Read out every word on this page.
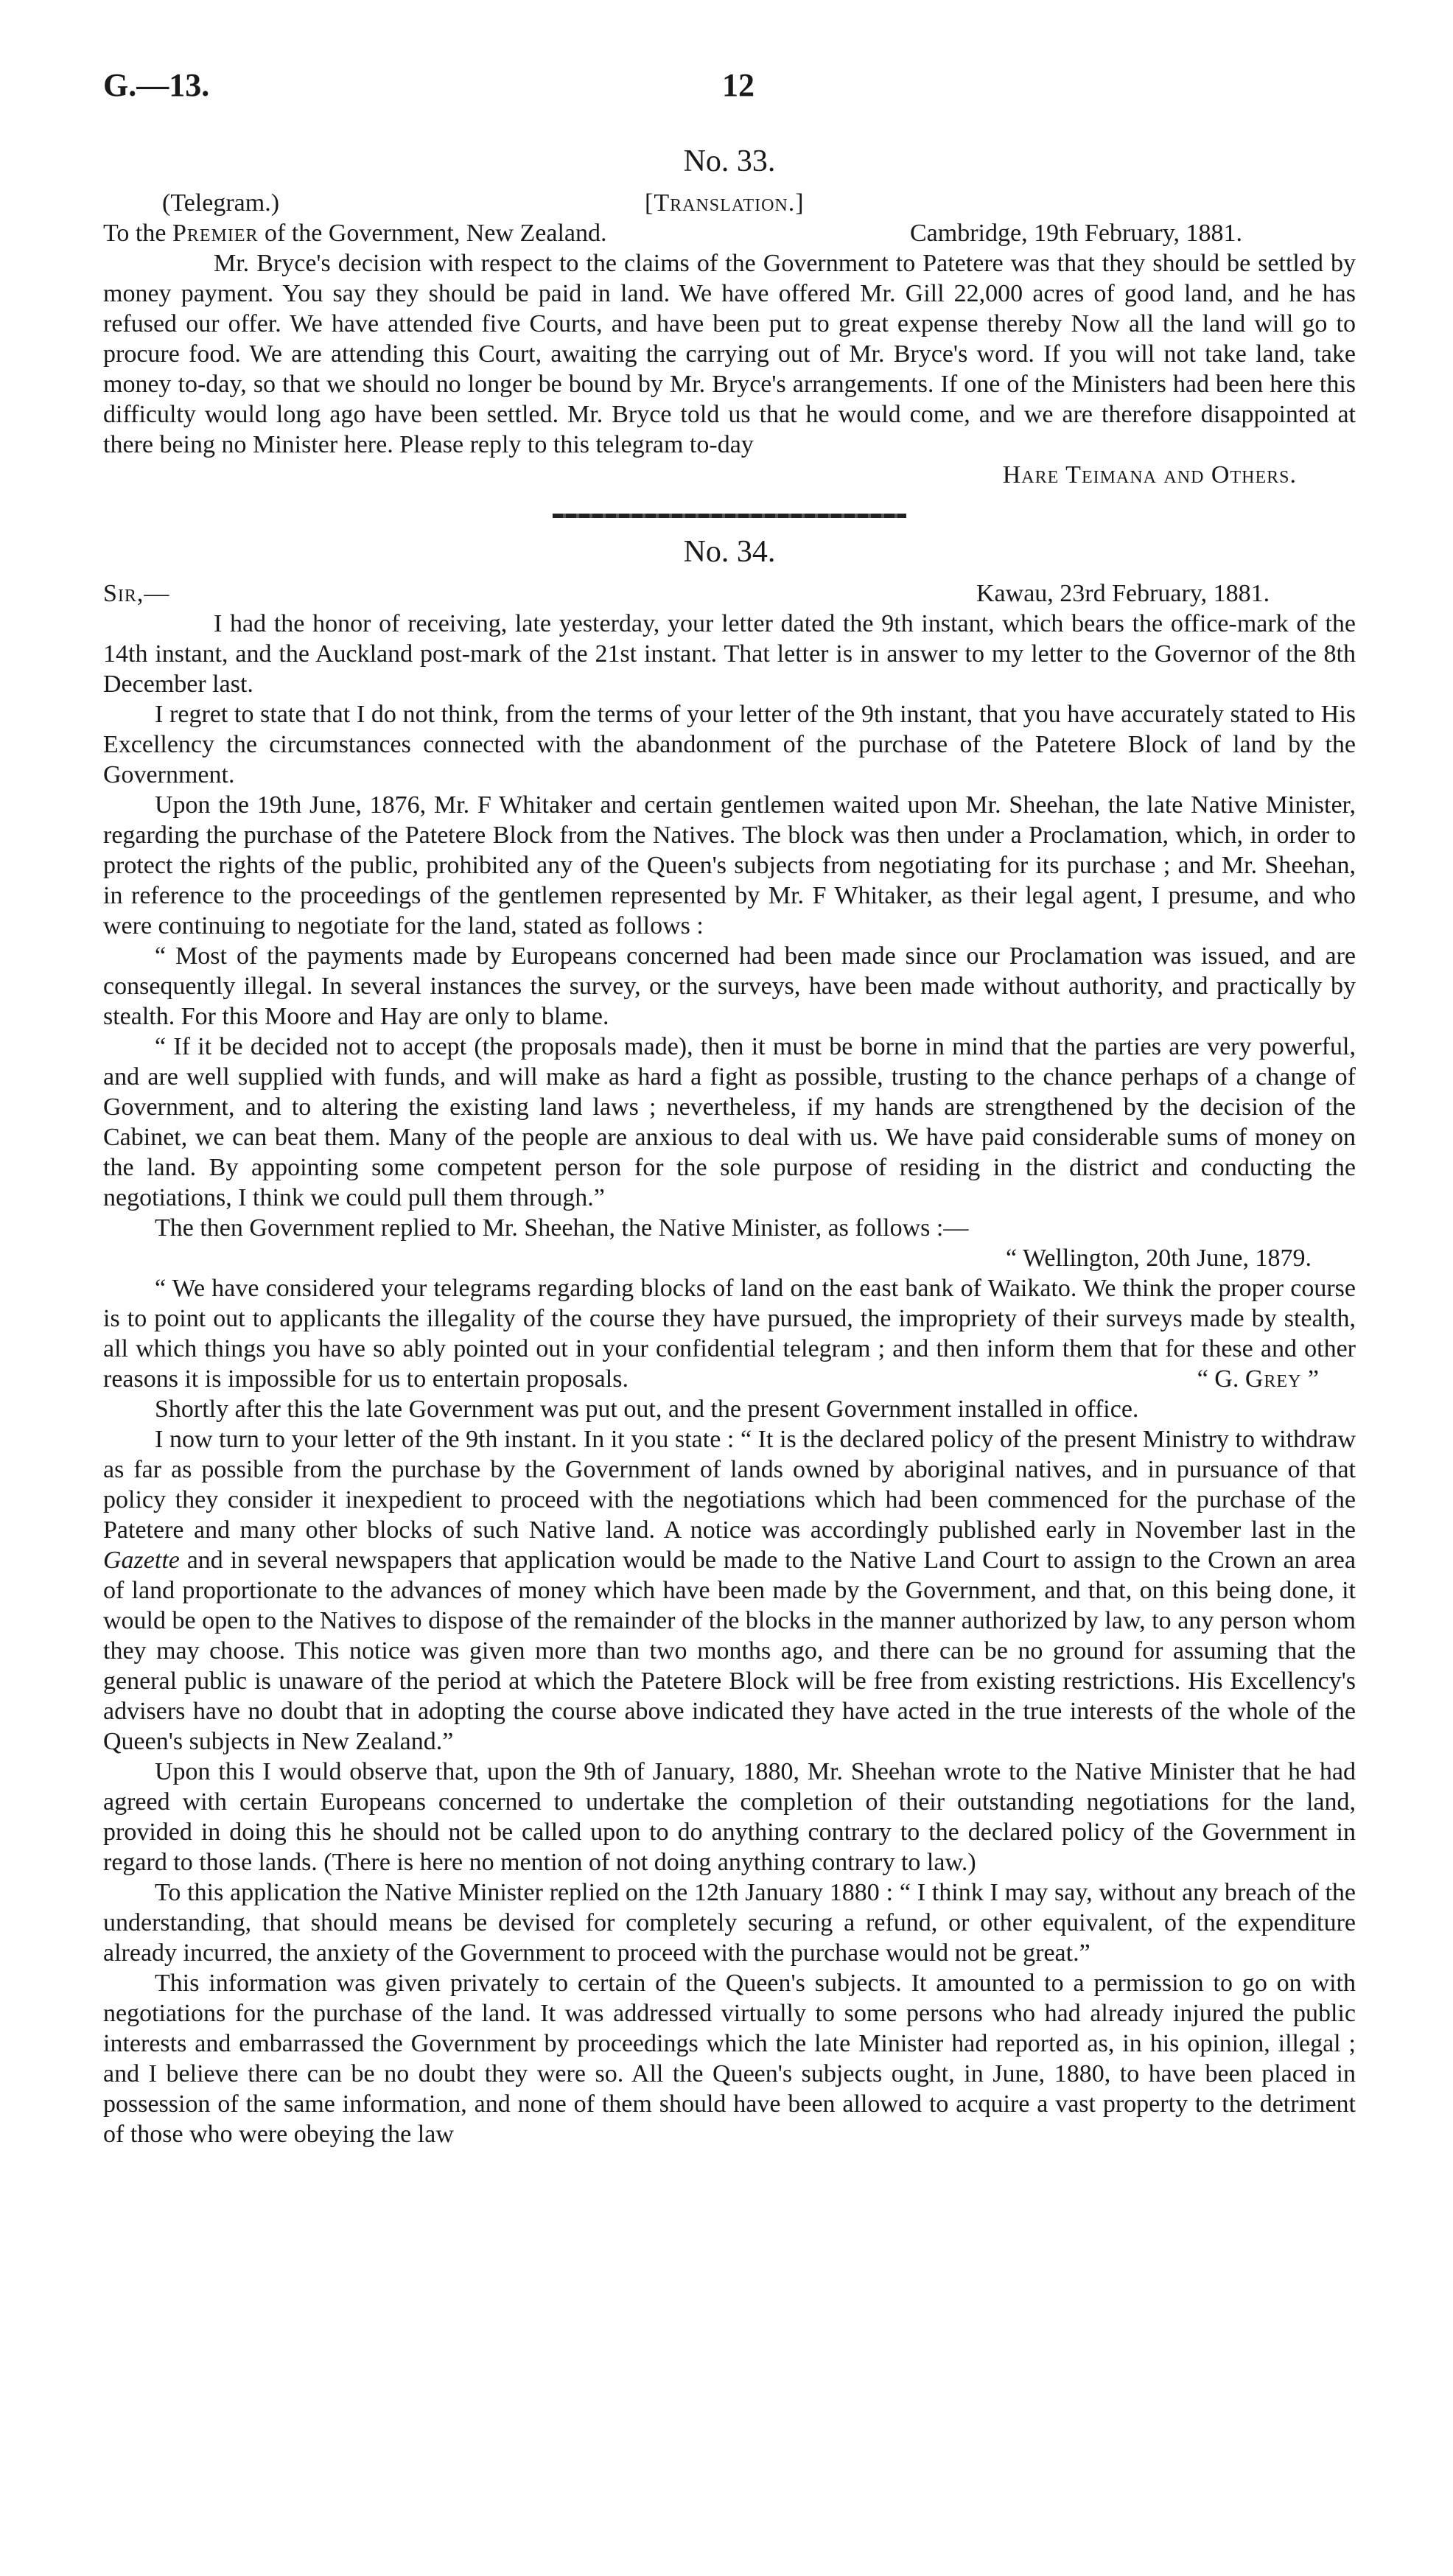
G.—13.	12
No. 33.
(Telegram.)	[Translation.]
To the Premier of the Government, New Zealand.	Cambridge, 19th February, 1881.

Mr. Bryce's decision with respect to the claims of the Government to Patetere was that they should be settled by money payment. You say they should be paid in land. We have offered Mr. Gill 22,000 acres of good land, and he has refused our offer. We have attended five Courts, and have been put to great expense thereby Now all the land will go to procure food. We are attending this Court, awaiting the carrying out of Mr. Bryce's word. If you will not take land, take money to-day, so that we should no longer be bound by Mr. Bryce's arrangements. If one of the Ministers had been here this difficulty would long ago have been settled. Mr. Bryce told us that he would come, and we are therefore disappointed at there being no Minister here. Please reply to this telegram to-day

Hare Teimana and Others.
No. 34.
Sir,—	Kawau, 23rd February, 1881.

I had the honor of receiving, late yesterday, your letter dated the 9th instant, which bears the office-mark of the 14th instant, and the Auckland post-mark of the 21st instant. That letter is in answer to my letter to the Governor of the 8th December last.

I regret to state that I do not think, from the terms of your letter of the 9th instant, that you have accurately stated to His Excellency the circumstances connected with the abandonment of the purchase of the Patetere Block of land by the Government.

Upon the 19th June, 1876, Mr. F Whitaker and certain gentlemen waited upon Mr. Sheehan, the late Native Minister, regarding the purchase of the Patetere Block from the Natives. The block was then under a Proclamation, which, in order to protect the rights of the public, prohibited any of the Queen's subjects from negotiating for its purchase ; and Mr. Sheehan, in reference to the proceedings of the gentlemen represented by Mr. F Whitaker, as their legal agent, I presume, and who were continuing to negotiate for the land, stated as follows :

“ Most of the payments made by Europeans concerned had been made since our Proclamation was issued, and are consequently illegal. In several instances the survey, or the surveys, have been made without authority, and practically by stealth. For this Moore and Hay are only to blame.

“ If it be decided not to accept (the proposals made), then it must be borne in mind that the parties are very powerful, and are well supplied with funds, and will make as hard a fight as possible, trusting to the chance perhaps of a change of Government, and to altering the existing land laws ; nevertheless, if my hands are strengthened by the decision of the Cabinet, we can beat them. Many of the people are anxious to deal with us. We have paid considerable sums of money on the land. By appointing some competent person for the sole purpose of residing in the district and conducting the negotiations, I think we could pull them through.”

The then Government replied to Mr. Sheehan, the Native Minister, as follows :—

“ Wellington, 20th June, 1879.

“ We have considered your telegrams regarding blocks of land on the east bank of Waikato. We think the proper course is to point out to applicants the illegality of the course they have pursued, the impropriety of their surveys made by stealth, all which things you have so ably pointed out in your confidential telegram ; and then inform them that for these and other reasons it is impossible for us to entertain proposals.	“ G. Grey ”

Shortly after this the late Government was put out, and the present Government installed in office.

I now turn to your letter of the 9th instant. In it you state : “ It is the declared policy of the present Ministry to withdraw as far as possible from the purchase by the Government of lands owned by aboriginal natives, and in pursuance of that policy they consider it inexpedient to proceed with the negotiations which had been commenced for the purchase of the Patetere and many other blocks of such Native land. A notice was accordingly published early in November last in the Gazette and in several newspapers that application would be made to the Native Land Court to assign to the Crown an area of land proportionate to the advances of money which have been made by the Government, and that, on this being done, it would be open to the Natives to dispose of the remainder of the blocks in the manner authorized by law, to any person whom they may choose. This notice was given more than two months ago, and there can be no ground for assuming that the general public is unaware of the period at which the Patetere Block will be free from existing restrictions. His Excellency's advisers have no doubt that in adopting the course above indicated they have acted in the true interests of the whole of the Queen's subjects in New Zealand.”

Upon this I would observe that, upon the 9th of January, 1880, Mr. Sheehan wrote to the Native Minister that he had agreed with certain Europeans concerned to undertake the completion of their outstanding negotiations for the land, provided in doing this he should not be called upon to do anything contrary to the declared policy of the Government in regard to those lands. (There is here no mention of not doing anything contrary to law.)

To this application the Native Minister replied on the 12th January 1880 : “ I think I may say, without any breach of the understanding, that should means be devised for completely securing a refund, or other equivalent, of the expenditure already incurred, the anxiety of the Government to proceed with the purchase would not be great.”

This information was given privately to certain of the Queen's subjects. It amounted to a permission to go on with negotiations for the purchase of the land. It was addressed virtually to some persons who had already injured the public interests and embarrassed the Government by proceedings which the late Minister had reported as, in his opinion, illegal ; and I believe there can be no doubt they were so. All the Queen's subjects ought, in June, 1880, to have been placed in possession of the same information, and none of them should have been allowed to acquire a vast property to the detriment of those who were obeying the law
